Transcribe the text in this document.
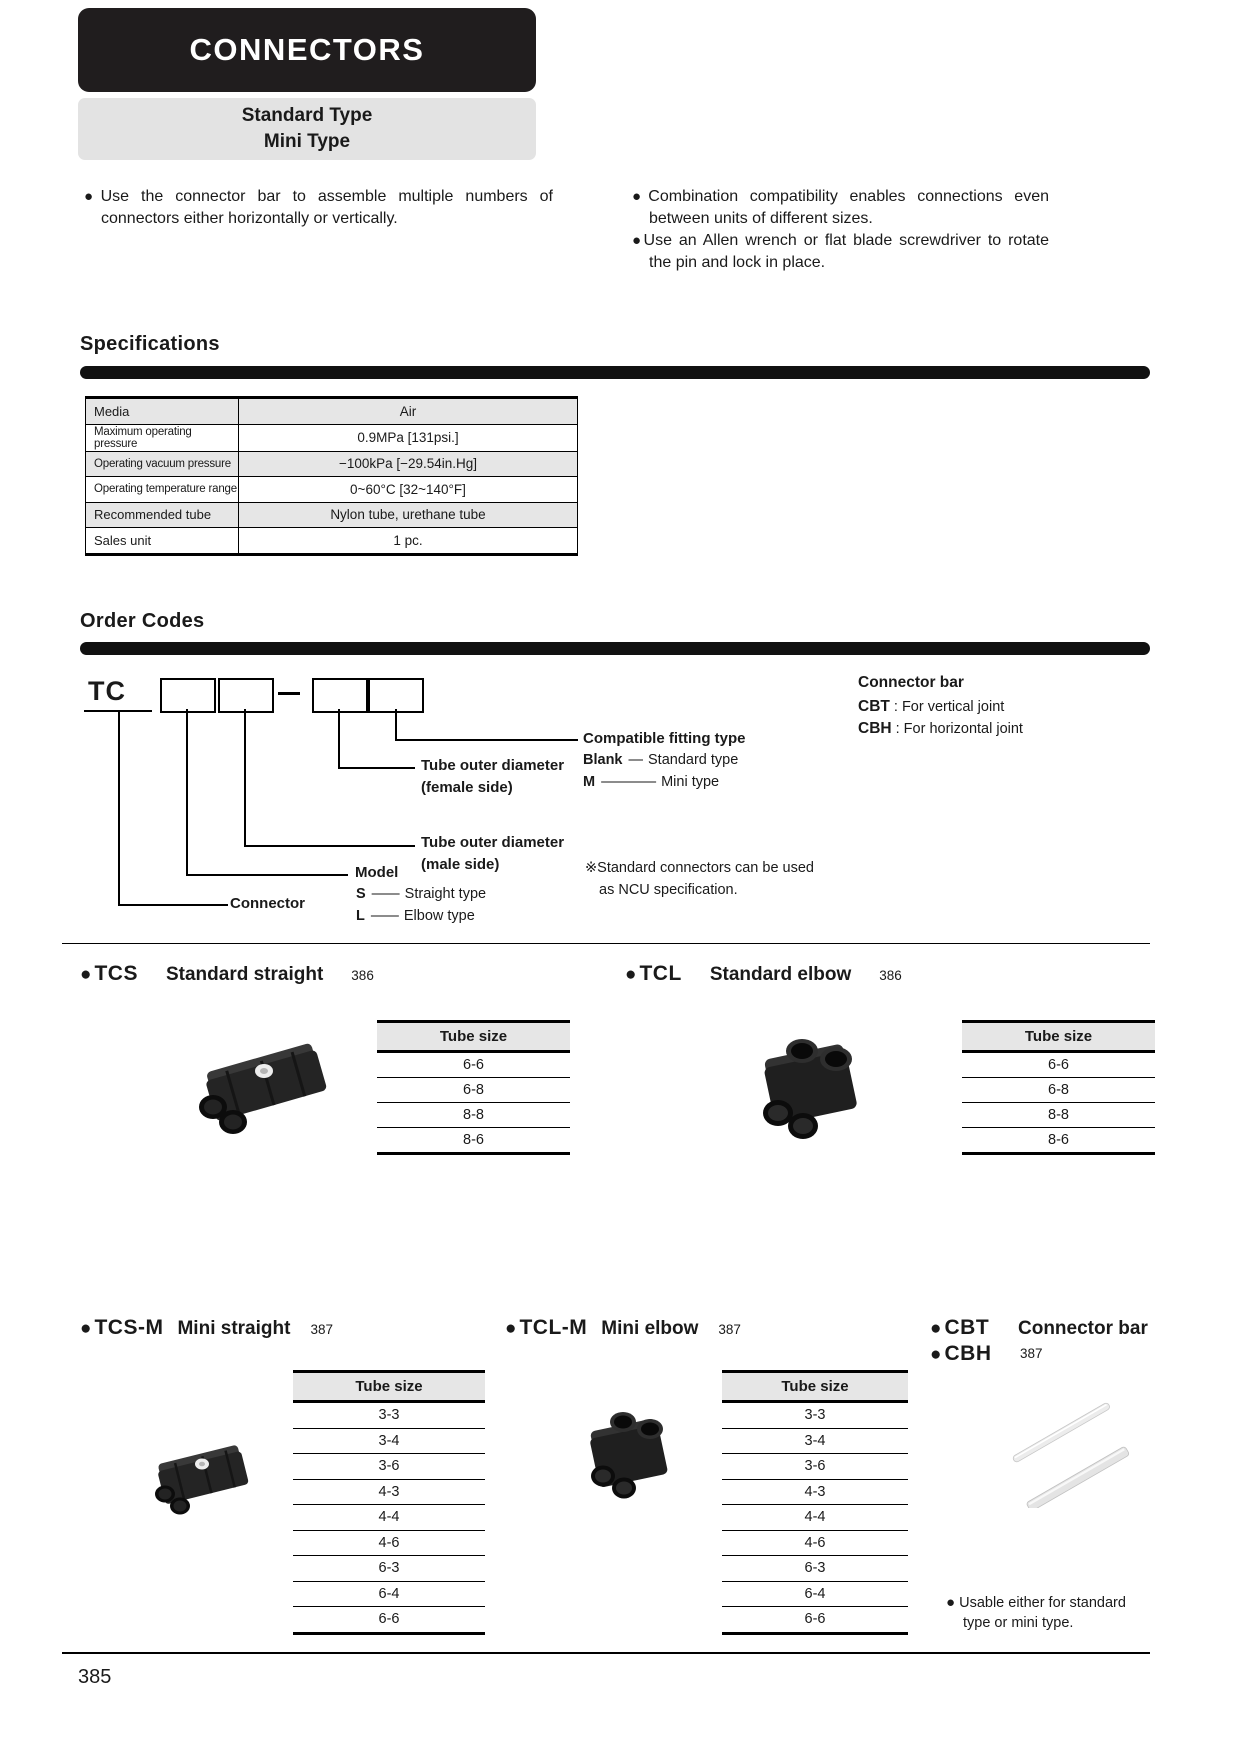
CONNECTORS
Standard Type
Mini Type
●Use the connector bar to assemble multiple numbers of connectors either horizontally or vertically.
●Combination compatibility enables connections even between units of different sizes.
●Use an Allen wrench or flat blade screwdriver to rotate the pin and lock in place.
Specifications
Media	Air
Maximum operating pressure	0.9MPa [131psi.]
Operating vacuum pressure	−100kPa [−29.54in.Hg]
Operating temperature range	0~60°C [32~140°F]
Recommended tube	Nylon tube, urethane tube
Sales unit	1 pc.
Order Codes
TC
Compatible fitting type
Blank — Standard type
M ———— Mini type
Tube outer diameter
(female side)
Tube outer diameter
(male side)
Model
S —— Straight type
L —— Elbow type
Connector
Connector bar
CBT : For vertical joint
CBH : For horizontal joint
※Standard connectors can be used
as NCU specification.
● TCS Standard straight 386
Tube size
6-6
6-8
8-8
8-6
● TCL Standard elbow 386
Tube size
6-6
6-8
8-8
8-6
● TCS-M Mini straight 387
Tube size
3-3
3-4
3-6
4-3
4-4
4-6
6-3
6-4
6-6
● TCL-M Mini elbow 387
Tube size
3-3
3-4
3-6
4-3
4-4
4-6
6-3
6-4
6-6
● CBT
● CBH
Connector bar
387
● Usable either for standard
type or mini type.
385
